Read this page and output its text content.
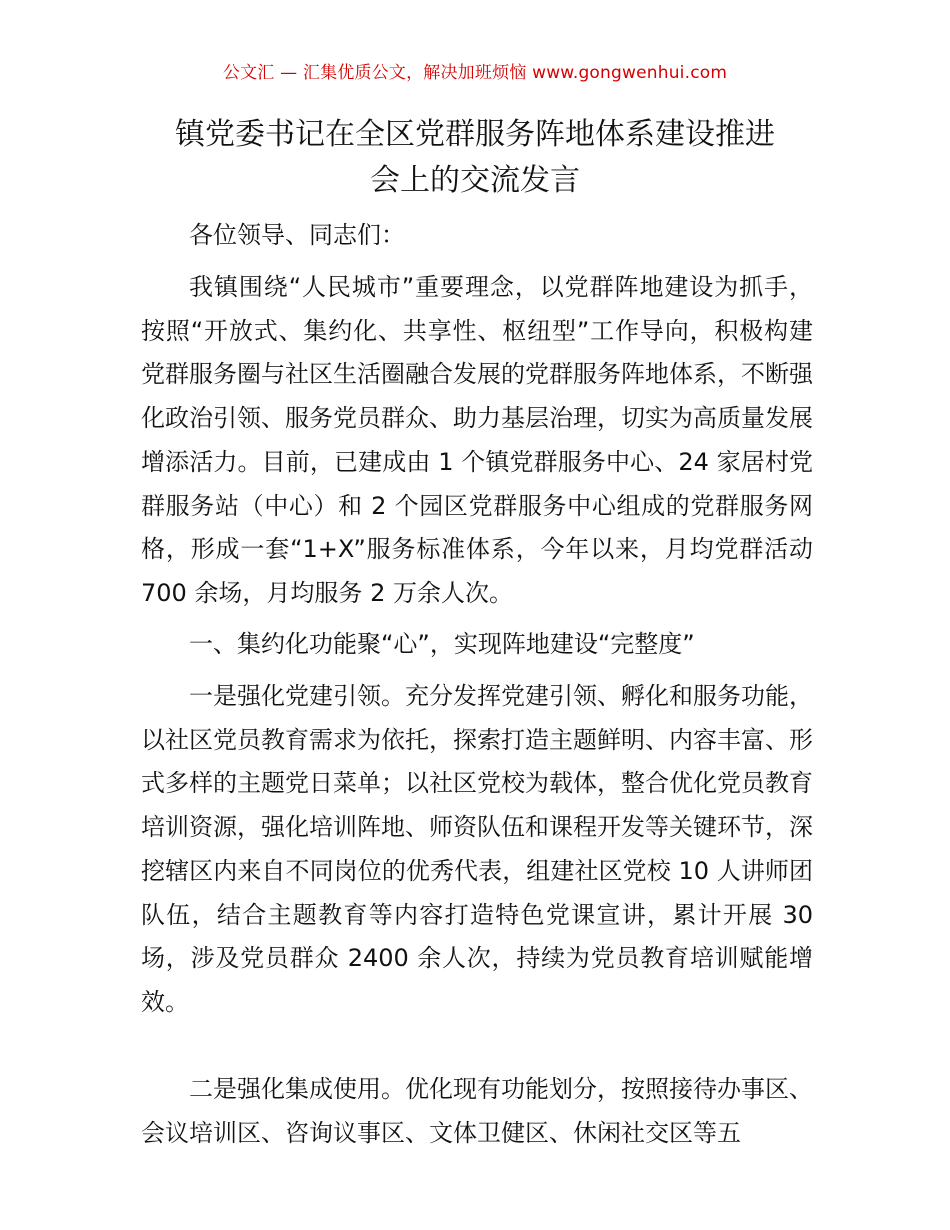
公文汇 — 汇集优质公文，解决加班烦恼 www.gongwenhui.com
镇党委书记在全区党群服务阵地体系建设推进
会上的交流发言

各位领导、同志们：

我镇围绕“人民城市”重要理念，以党群阵地建设为抓手，按照“开放式、集约化、共享性、枢纽型”工作导向，积极构建党群服务圈与社区生活圈融合发展的党群服务阵地体系，不断强化政治引领、服务党员群众、助力基层治理，切实为高质量发展增添活力。目前，已建成由 1 个镇党群服务中心、24 家居村党群服务站（中心）和 2 个园区党群服务中心组成的党群服务网格，形成一套“1+X”服务标准体系，今年以来，月均党群活动 700 余场，月均服务 2 万余人次。

一、集约化功能聚“心”，实现阵地建设“完整度”

一是强化党建引领。充分发挥党建引领、孵化和服务功能，以社区党员教育需求为依托，探索打造主题鲜明、内容丰富、形式多样的主题党日菜单；以社区党校为载体，整合优化党员教育培训资源，强化培训阵地、师资队伍和课程开发等关键环节，深挖辖区内来自不同岗位的优秀代表，组建社区党校 10 人讲师团队伍，结合主题教育等内容打造特色党课宣讲，累计开展 30 场，涉及党员群众 2400 余人次，持续为党员教育培训赋能增效。

二是强化集成使用。优化现有功能划分，按照接待办事区、会议培训区、咨询议事区、文体卫健区、休闲社交区等五
